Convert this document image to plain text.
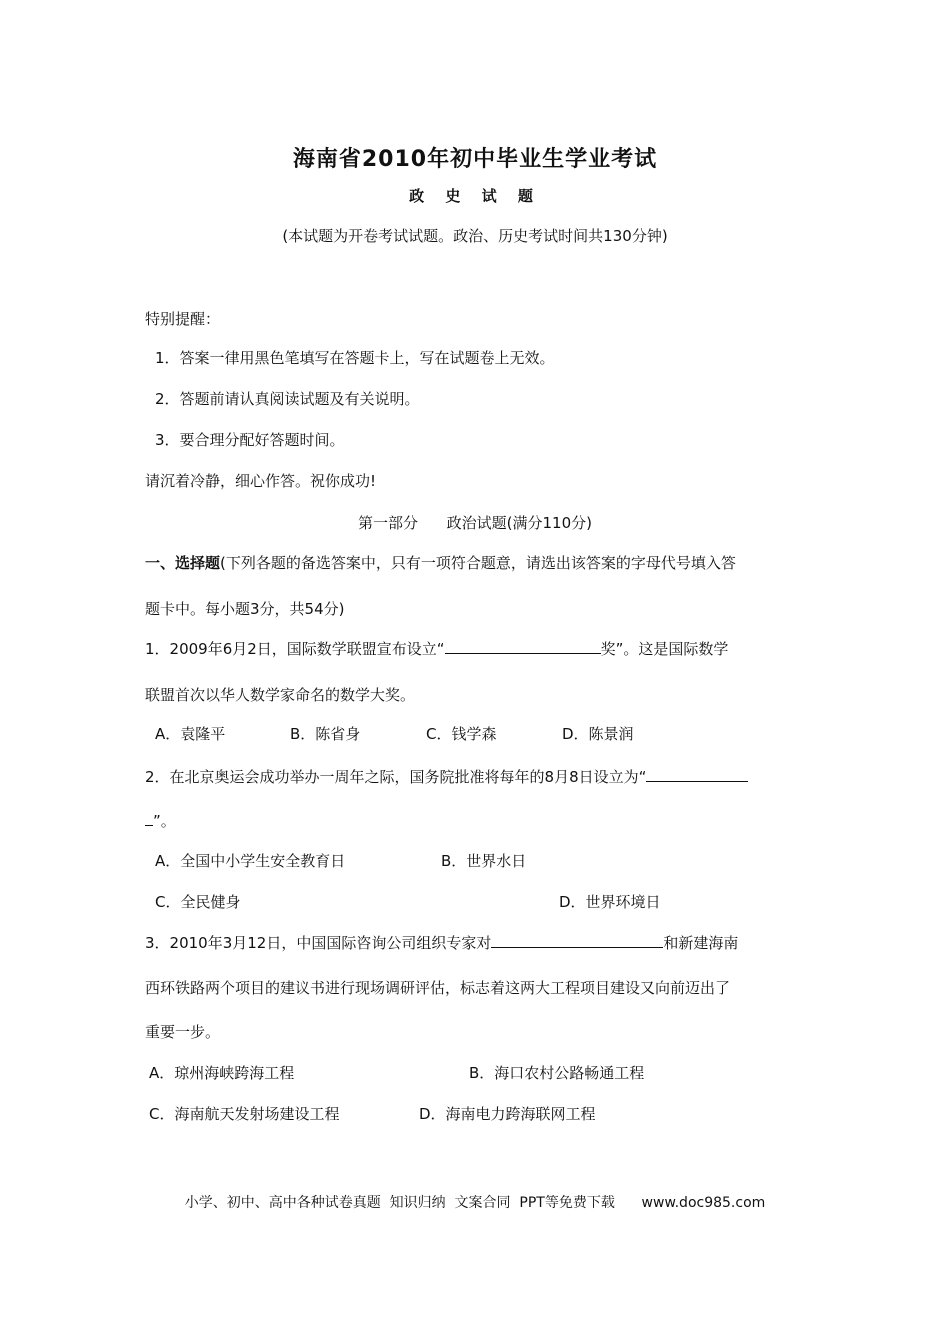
海南省2010年初中毕业生学业考试
政 史 试 题
(本试题为开卷考试试题。政治、历史考试时间共130分钟)
特别提醒：
1．答案一律用黑色笔填写在答题卡上，写在试题卷上无效。
2．答题前请认真阅读试题及有关说明。
3．要合理分配好答题时间。
请沉着冷静，细心作答。祝你成功!
第一部分      政治试题(满分110分)
一、选择题(下列各题的备选答案中，只有一项符合题意，请选出该答案的字母代号填入答
题卡中。每小题3分，共54分)
1．2009年6月2日，国际数学联盟宣布设立“	奖”。这是国际数学
联盟首次以华人数学家命名的数学大奖。
A．袁隆平	B．陈省身	C．钱学森	D．陈景润
2．在北京奥运会成功举办一周年之际，国务院批准将每年的8月8日设立为“
”。
A．全国中小学生安全教育日	B．世界水日
C．全民健身	D．世界环境日
3．2010年3月12日，中国国际咨询公司组织专家对	和新建海南
西环铁路两个项目的建议书进行现场调研评估，标志着这两大工程项目建设又向前迈出了
重要一步。
A．琼州海峡跨海工程	B．海口农村公路畅通工程
C．海南航天发射场建设工程	D．海南电力跨海联网工程
小学、初中、高中各种试卷真题  知识归纳  文案合同  PPT等免费下载      www.doc985.com
